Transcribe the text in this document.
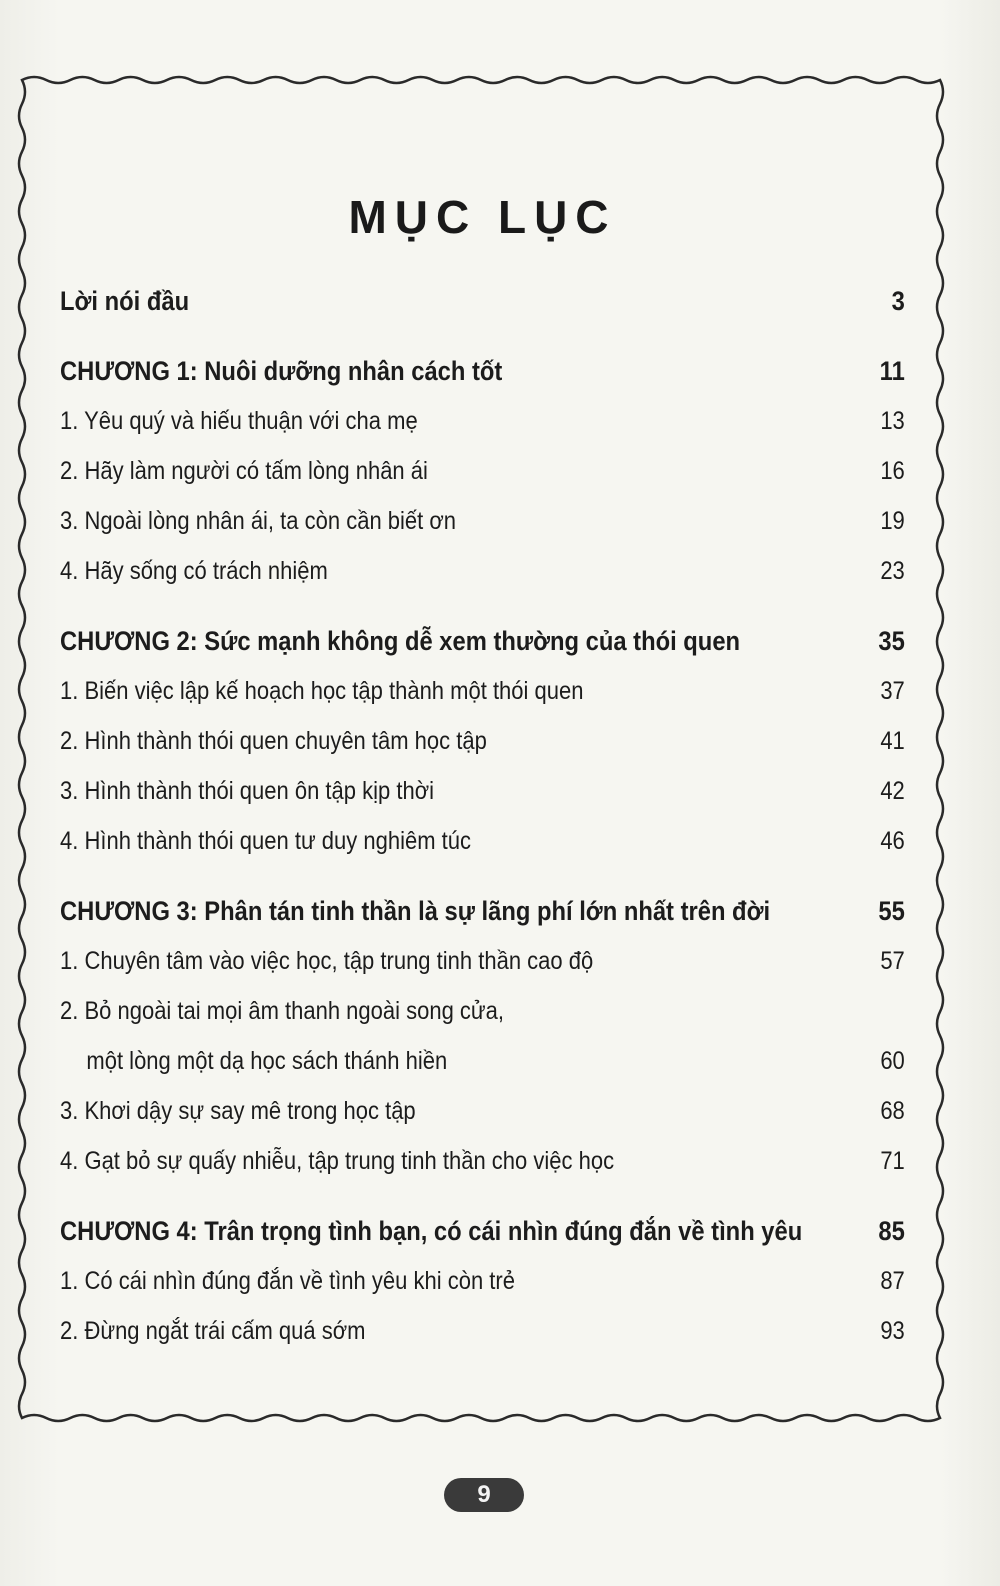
MỤC LỤC
Lời nói đầu	3
CHƯƠNG 1: Nuôi dưỡng nhân cách tốt	11
1. Yêu quý và hiếu thuận với cha mẹ	13
2. Hãy làm người có tấm lòng nhân ái	16
3. Ngoài lòng nhân ái, ta còn cần biết ơn	19
4. Hãy sống có trách nhiệm	23
CHƯƠNG 2: Sức mạnh không dễ xem thường của thói quen	35
1. Biến việc lập kế hoạch học tập thành một thói quen	37
2. Hình thành thói quen chuyên tâm học tập	41
3. Hình thành thói quen ôn tập kịp thời	42
4. Hình thành thói quen tư duy nghiêm túc	46
CHƯƠNG 3: Phân tán tinh thần là sự lãng phí lớn nhất trên đời	55
1. Chuyên tâm vào việc học, tập trung tinh thần cao độ	57
2. Bỏ ngoài tai mọi âm thanh ngoài song cửa,
một lòng một dạ học sách thánh hiền	60
3. Khơi dậy sự say mê trong học tập	68
4. Gạt bỏ sự quấy nhiễu, tập trung tinh thần cho việc học	71
CHƯƠNG 4: Trân trọng tình bạn, có cái nhìn đúng đắn về tình yêu	85
1. Có cái nhìn đúng đắn về tình yêu khi còn trẻ	87
2. Đừng ngắt trái cấm quá sớm	93
9
